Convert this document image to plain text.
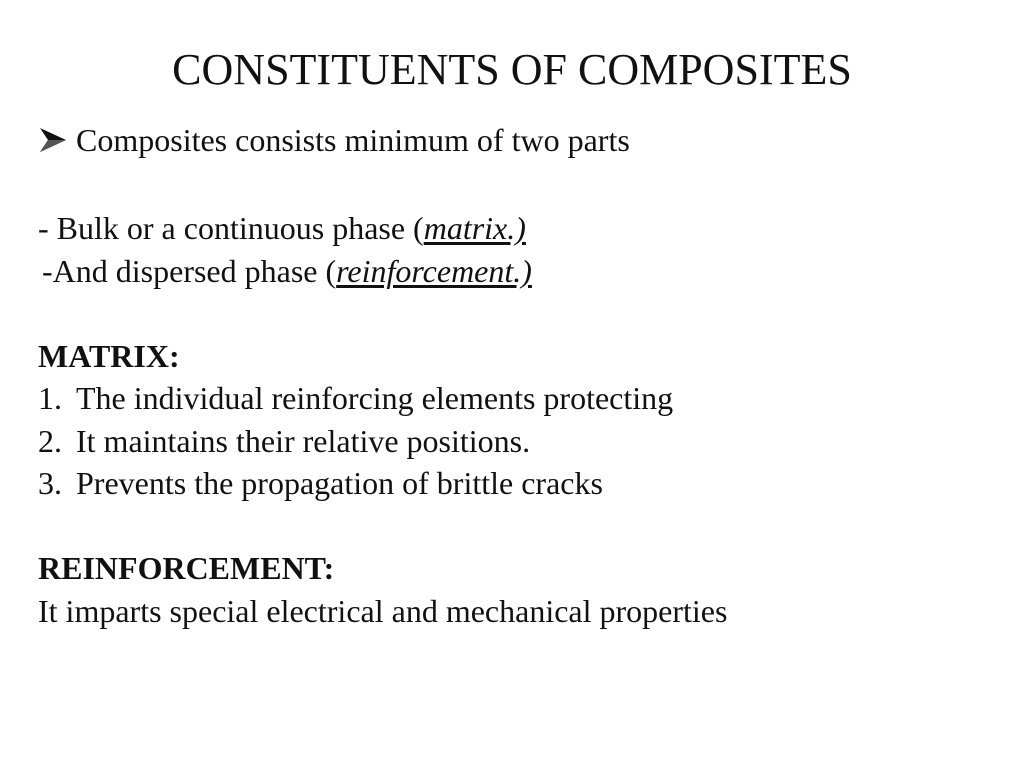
CONSTITUENTS OF COMPOSITES
Composites consists minimum of two parts
- Bulk or a continuous phase (matrix.)
-And dispersed phase (reinforcement.)
MATRIX:
1. The individual reinforcing elements protecting
2. It maintains their relative positions.
3. Prevents the propagation of brittle cracks
REINFORCEMENT:
It imparts special electrical and mechanical properties
